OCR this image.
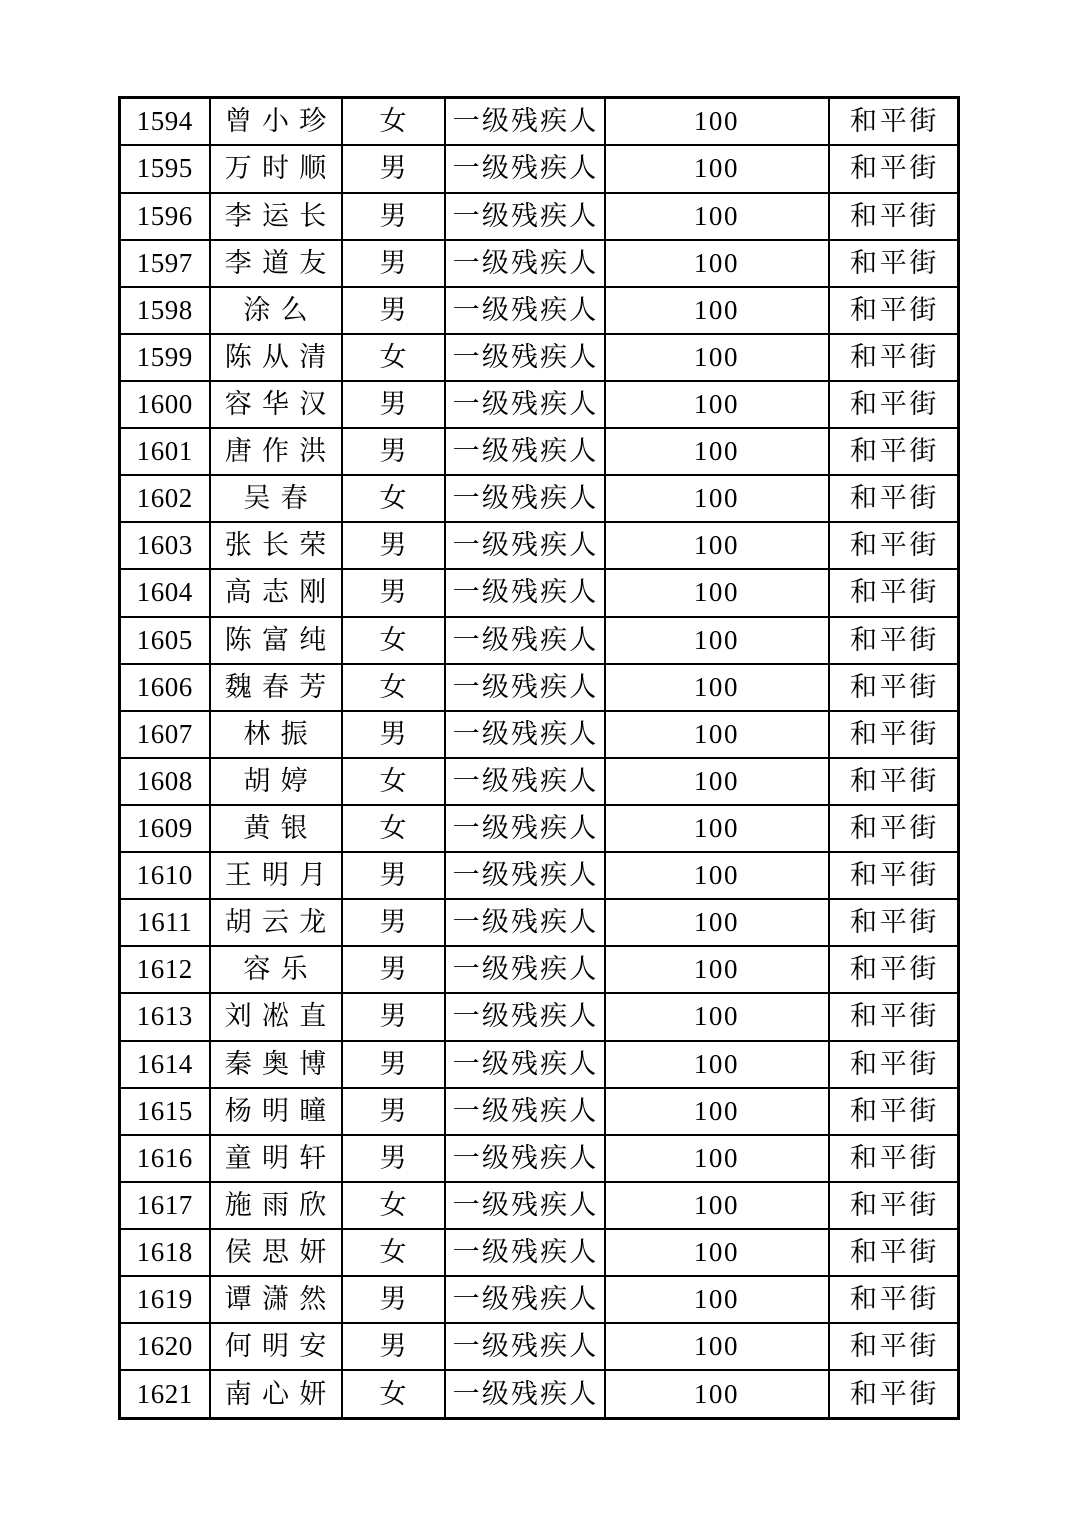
1594	曾小珍	女	一级残疾人	100	和平街
1595	万时顺	男	一级残疾人	100	和平街
1596	李运长	男	一级残疾人	100	和平街
1597	李道友	男	一级残疾人	100	和平街
1598	涂么	男	一级残疾人	100	和平街
1599	陈从清	女	一级残疾人	100	和平街
1600	容华汉	男	一级残疾人	100	和平街
1601	唐作洪	男	一级残疾人	100	和平街
1602	吴春	女	一级残疾人	100	和平街
1603	张长荣	男	一级残疾人	100	和平街
1604	高志刚	男	一级残疾人	100	和平街
1605	陈富纯	女	一级残疾人	100	和平街
1606	魏春芳	女	一级残疾人	100	和平街
1607	林振	男	一级残疾人	100	和平街
1608	胡婷	女	一级残疾人	100	和平街
1609	黄银	女	一级残疾人	100	和平街
1610	王明月	男	一级残疾人	100	和平街
1611	胡云龙	男	一级残疾人	100	和平街
1612	容乐	男	一级残疾人	100	和平街
1613	刘凇直	男	一级残疾人	100	和平街
1614	秦奥博	男	一级残疾人	100	和平街
1615	杨明曈	男	一级残疾人	100	和平街
1616	童明轩	男	一级残疾人	100	和平街
1617	施雨欣	女	一级残疾人	100	和平街
1618	侯思妍	女	一级残疾人	100	和平街
1619	谭潇然	男	一级残疾人	100	和平街
1620	何明安	男	一级残疾人	100	和平街
1621	南心妍	女	一级残疾人	100	和平街
